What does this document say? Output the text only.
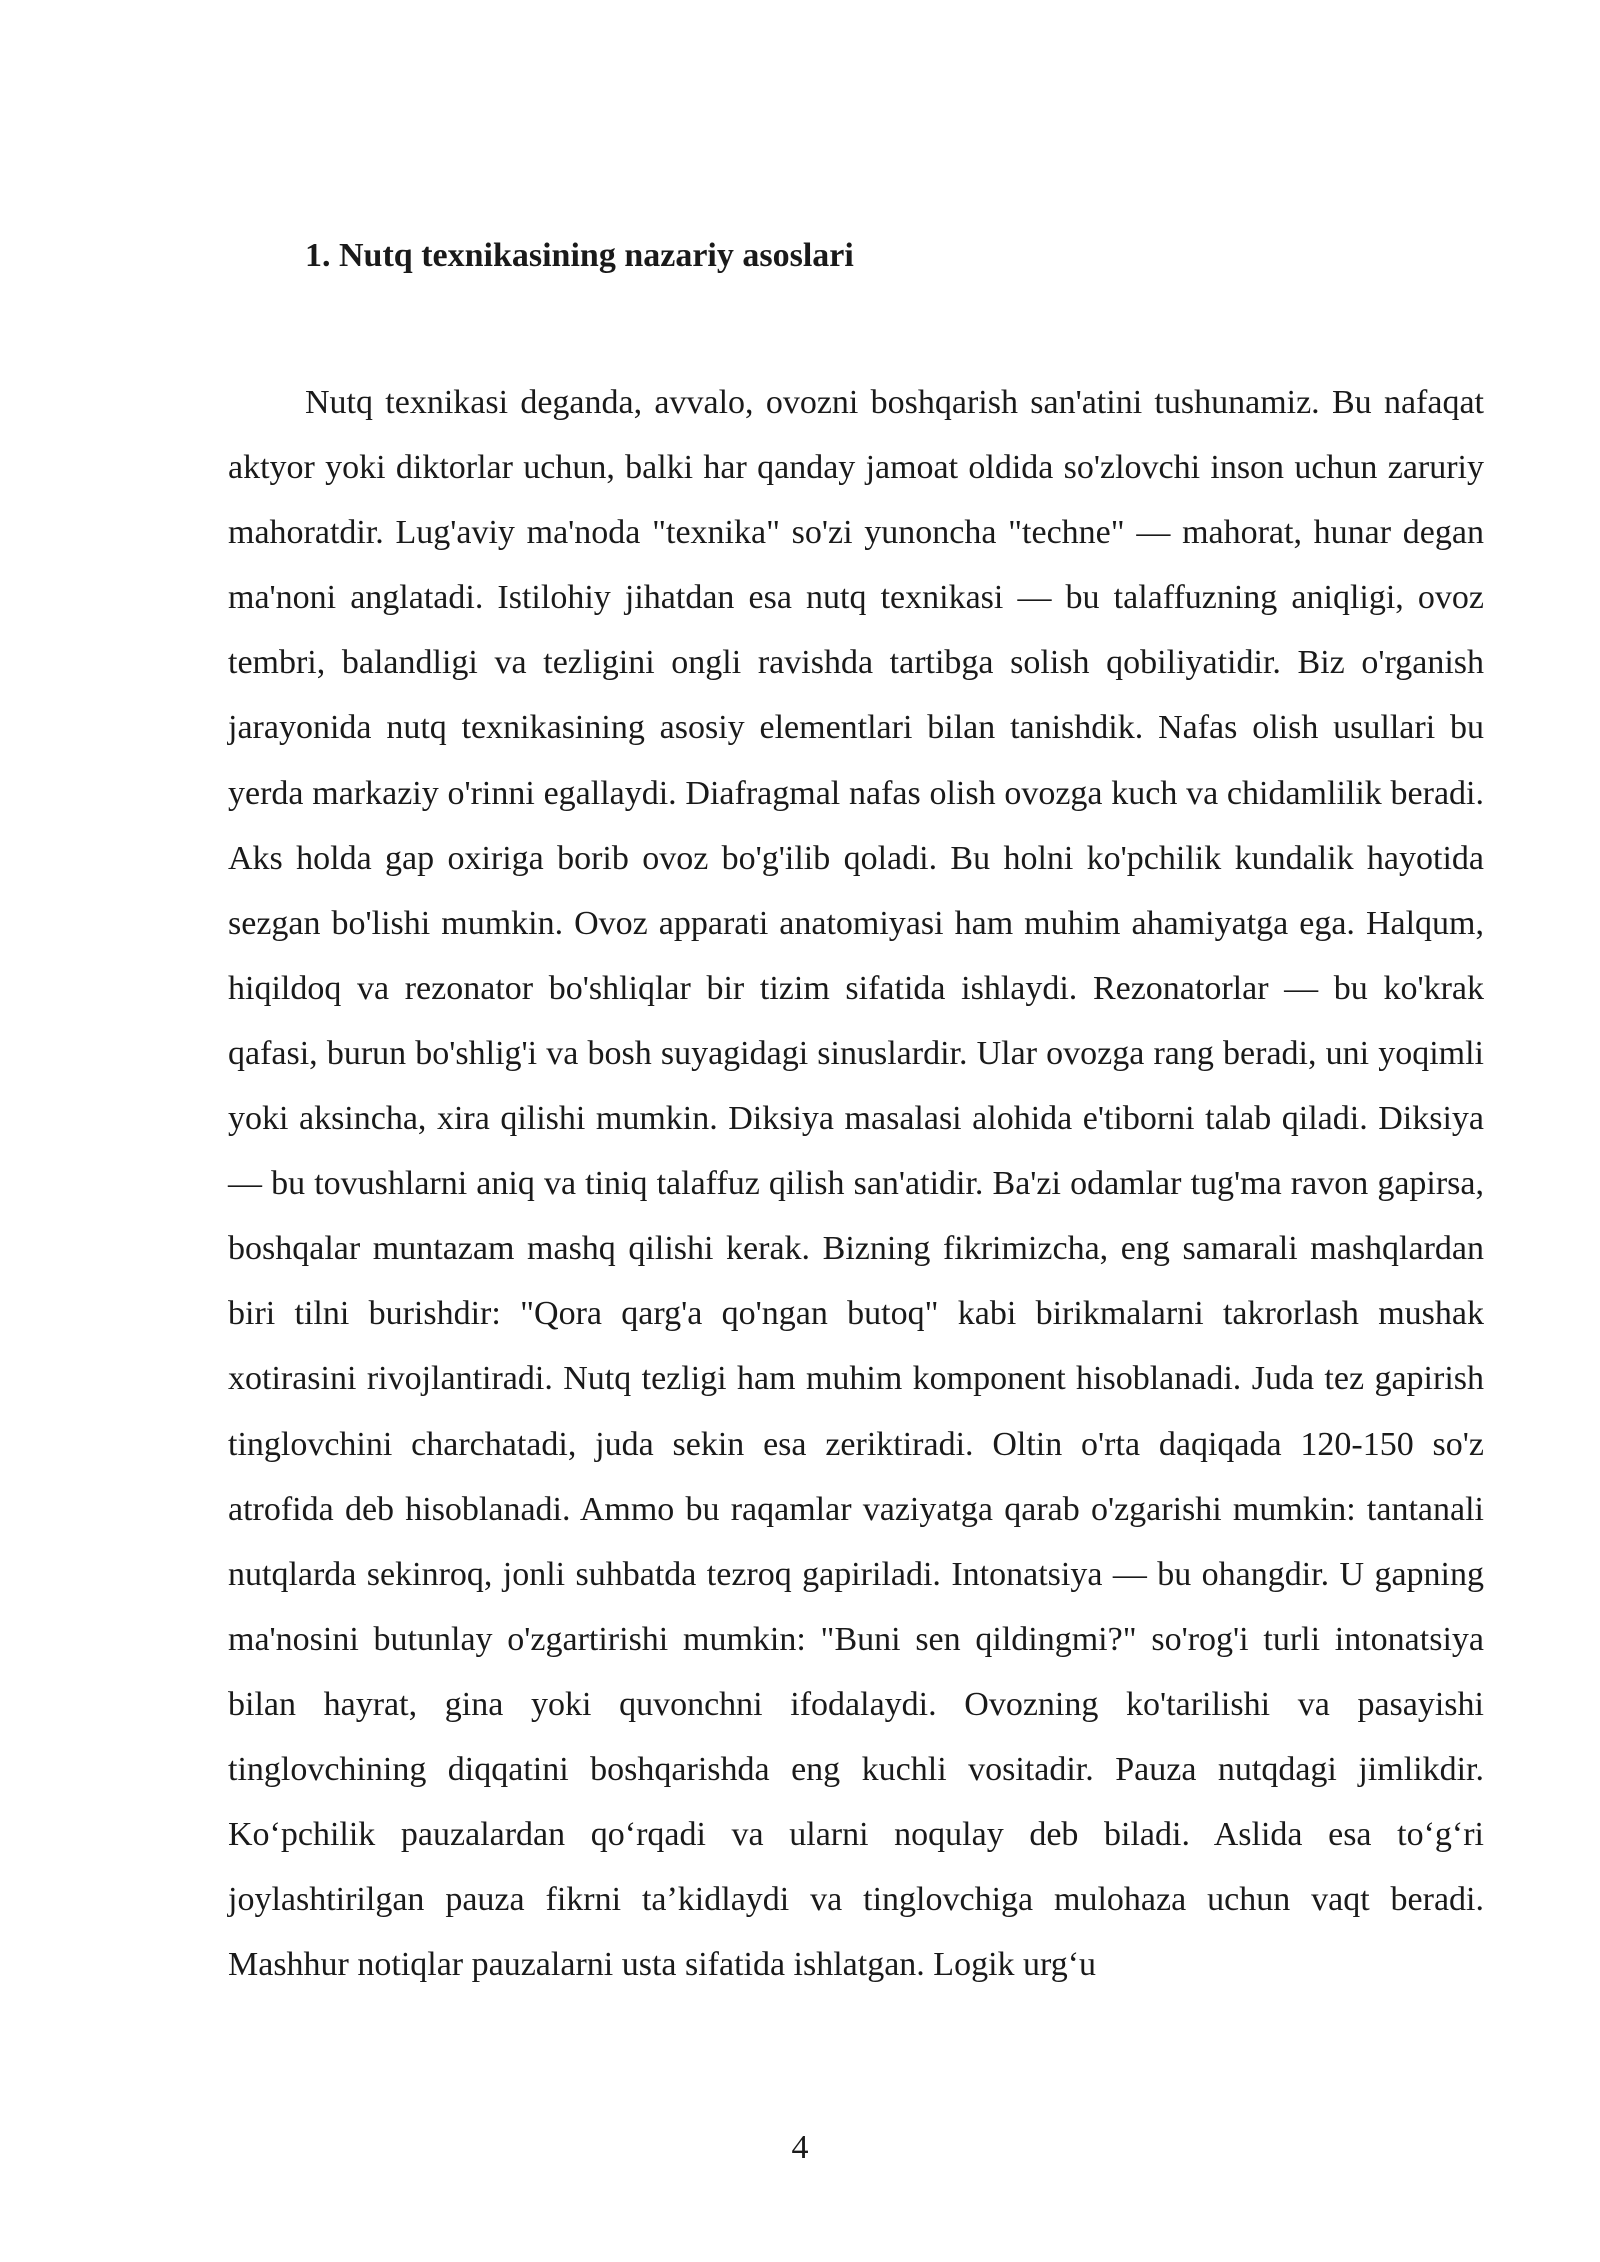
1. Nutq texnikasining nazariy asoslari

Nutq texnikasi deganda, avvalo, ovozni boshqarish san'atini tushunamiz. Bu nafaqat aktyor yoki diktorlar uchun, balki har qanday jamoat oldida so'zlovchi inson uchun zaruriy mahoratdir. Lug'aviy ma'noda "texnika" so'zi yunoncha "techne" — mahorat, hunar degan ma'noni anglatadi. Istilohiy jihatdan esa nutq texnikasi — bu talaffuzning aniqligi, ovoz tembri, balandligi va tezligini ongli ravishda tartibga solish qobiliyatidir. Biz o'rganish jarayonida nutq texnikasining asosiy elementlari bilan tanishdik. Nafas olish usullari bu yerda markaziy o'rinni egallaydi. Diafragmal nafas olish ovozga kuch va chidamlilik beradi. Aks holda gap oxiriga borib ovoz bo'g'ilib qoladi. Bu holni ko'pchilik kundalik hayotida sezgan bo'lishi mumkin. Ovoz apparati anatomiyasi ham muhim ahamiyatga ega. Halqum, hiqildoq va rezonator bo'shliqlar bir tizim sifatida ishlaydi. Rezonatorlar — bu ko'krak qafasi, burun bo'shlig'i va bosh suyagidagi sinuslardir. Ular ovozga rang beradi, uni yoqimli yoki aksincha, xira qilishi mumkin. Diksiya masalasi alohida e'tiborni talab qiladi. Diksiya — bu tovushlarni aniq va tiniq talaffuz qilish san'atidir. Ba'zi odamlar tug'ma ravon gapirsa, boshqalar muntazam mashq qilishi kerak. Bizning fikrimizcha, eng samarali mashqlardan biri tilni burishdir: "Qora qarg'a qo'ngan butoq" kabi birikmalarni takrorlash mushak xotirasini rivojlantiradi. Nutq tezligi ham muhim komponent hisoblanadi. Juda tez gapirish tinglovchini charchatadi, juda sekin esa zeriktiradi. Oltin o'rta daqiqada 120-150 so'z atrofida deb hisoblanadi. Ammo bu raqamlar vaziyatga qarab o'zgarishi mumkin: tantanali nutqlarda sekinroq, jonli suhbatda tezroq gapiriladi. Intonatsiya — bu ohangdir. U gapning ma'nosini butunlay o'zgartirishi mumkin: "Buni sen qildingmi?" so'rog'i turli intonatsiya bilan hayrat, gina yoki quvonchni ifodalaydi. Ovozning ko'tarilishi va pasayishi tinglovchining diqqatini boshqarishda eng kuchli vositadir. Pauza nutqdagi jimlikdir. Koʻpchilik pauzalardan qoʻrqadi va ularni noqulay deb biladi. Aslida esa toʻgʻri joylashtirilgan pauza fikrni taʼkidlaydi va tinglovchiga mulohaza uchun vaqt beradi. Mashhur notiqlar pauzalarni usta sifatida ishlatgan. Logik urgʻu

4
